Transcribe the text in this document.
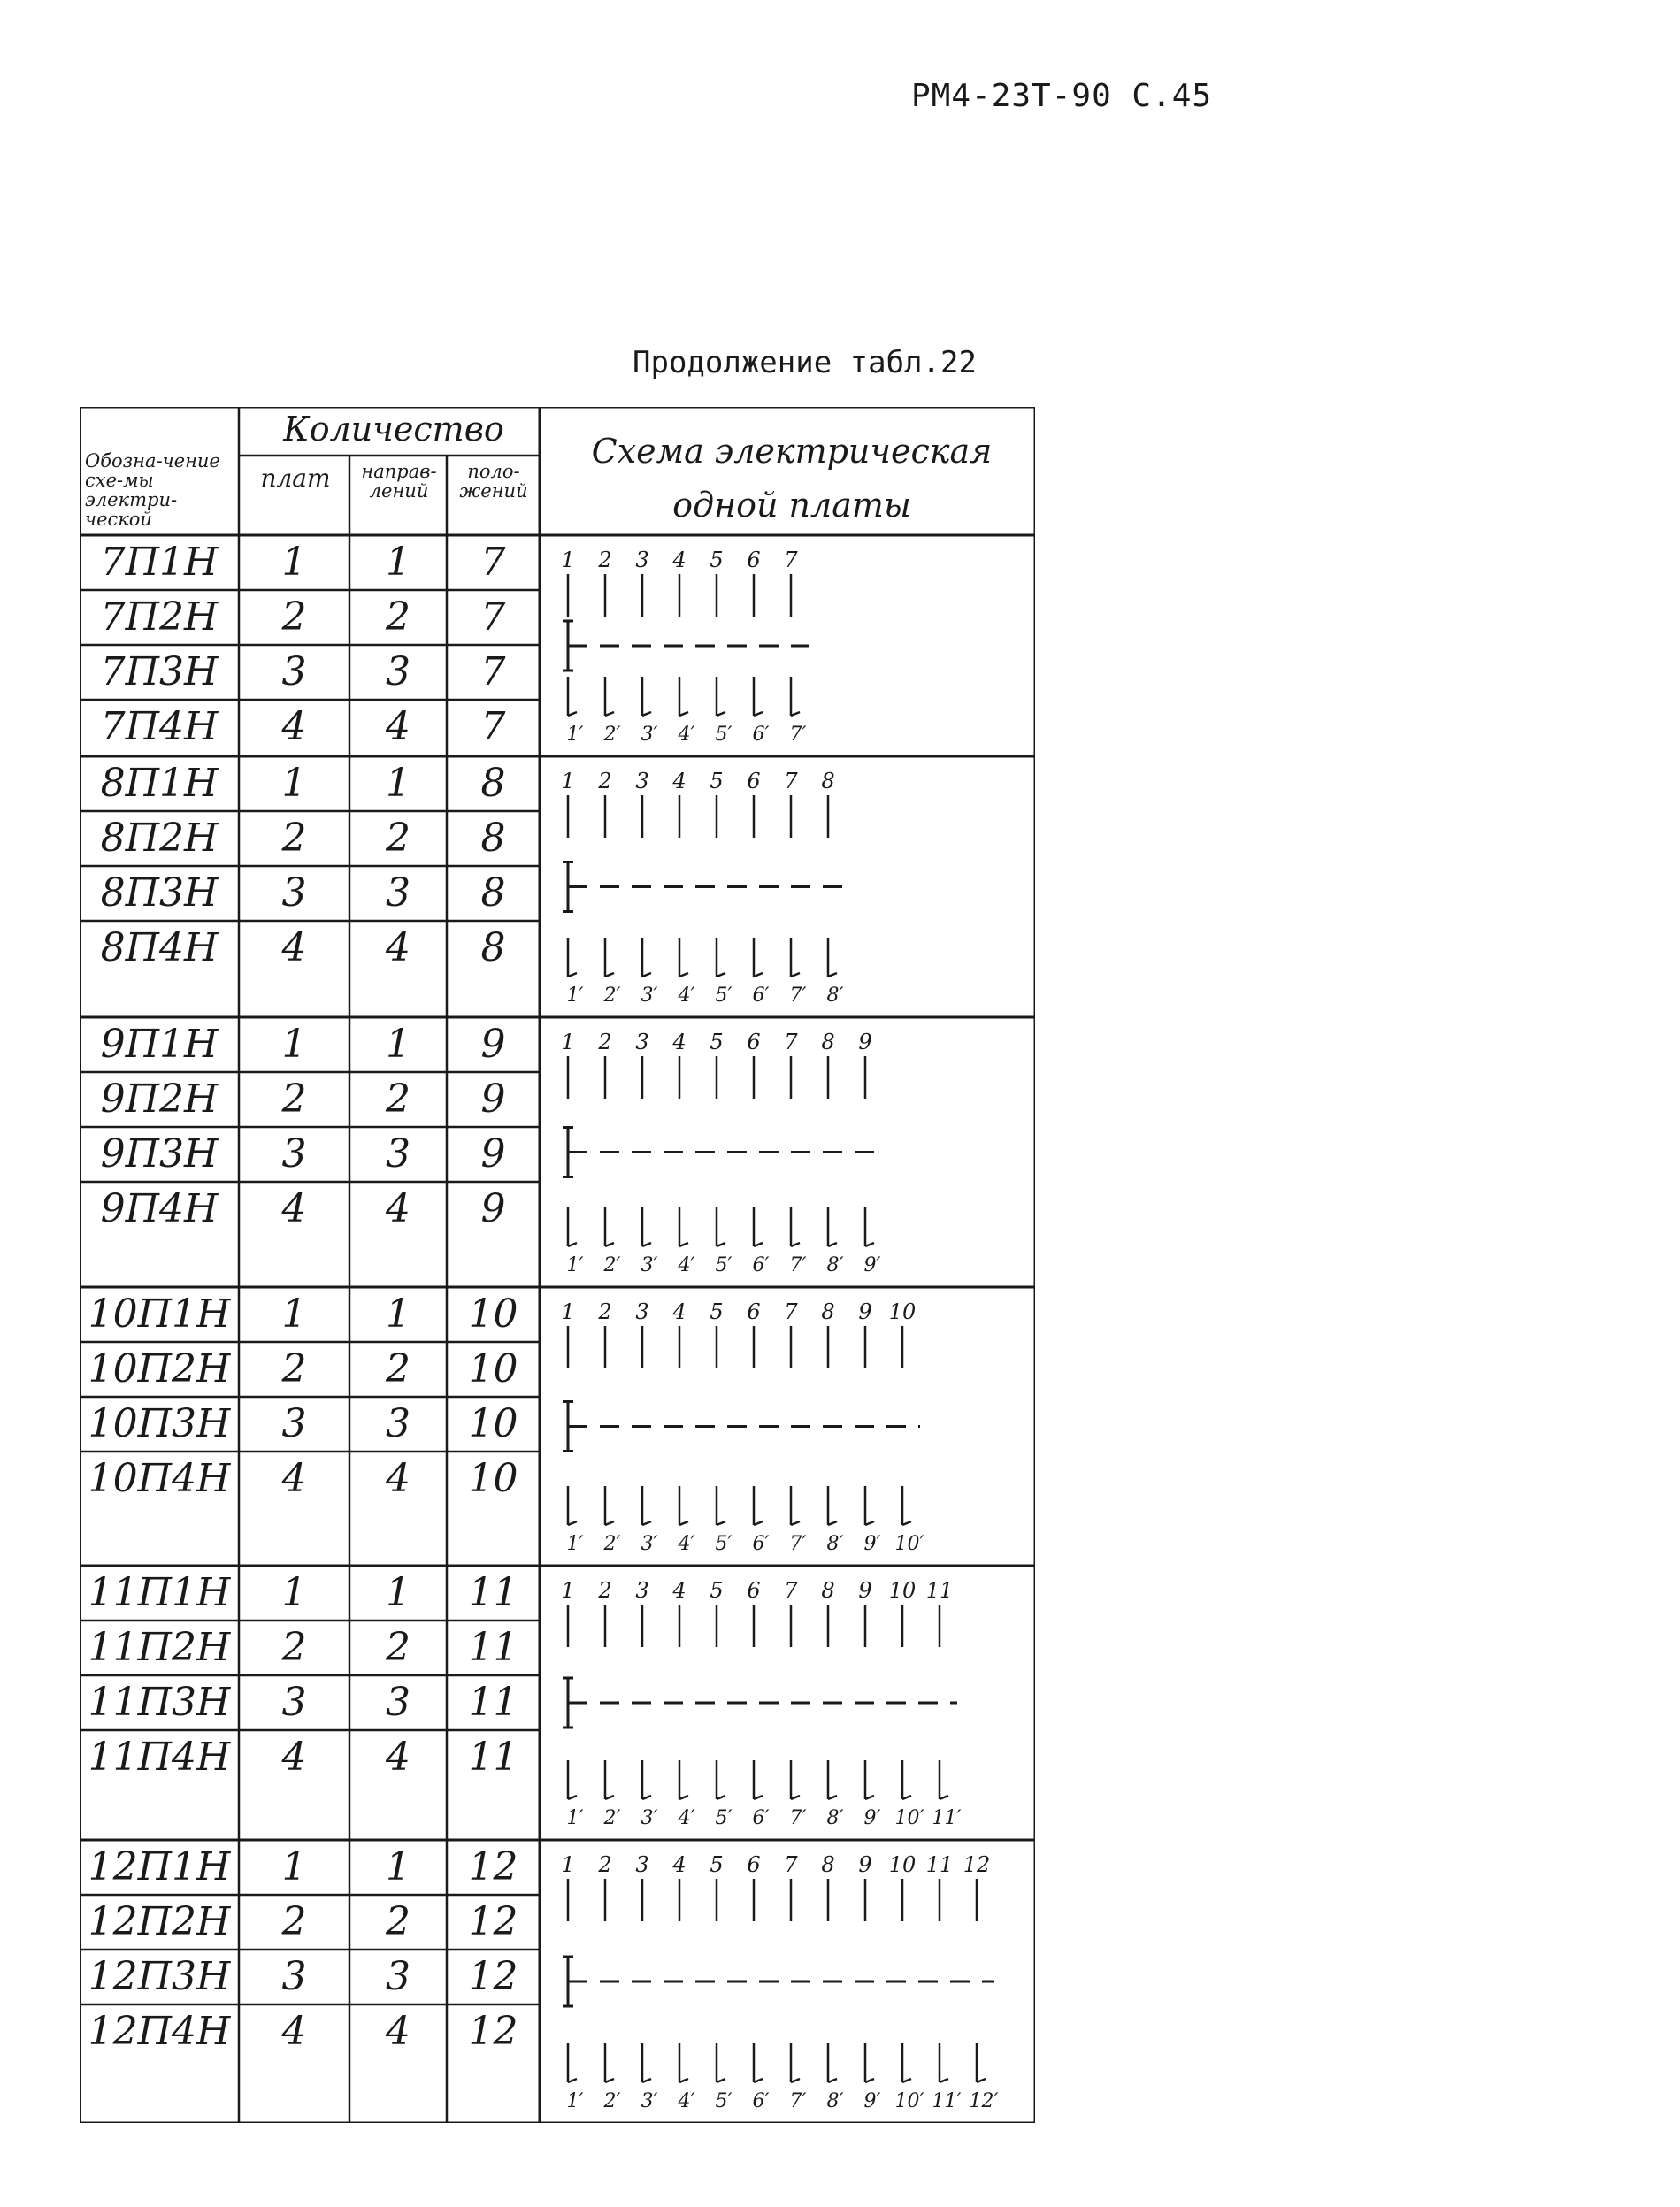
РМ4-23Т-90 С.45
Продолжение табл.22
1 2 3 4 5 6 7
1′ 2′ 3′ 4′ 5′ 6′ 7′
1 2 3 4 5 6 7 8
1′ 2′ 3′ 4′ 5′ 6′ 7′ 8′
1 2 3 4 5 6 7 8 9
1′ 2′ 3′ 4′ 5′ 6′ 7′ 8′ 9′
1 2 3 4 5 6 7 8 9 10
1′ 2′ 3′ 4′ 5′ 6′ 7′ 8′ 9′ 10′
1 2 3 4 5 6 7 8 9 10 11
1′ 2′ 3′ 4′ 5′ 6′ 7′ 8′ 9′ 10′ 11′
1 2 3 4 5 6 7 8 9 10 11 12
1′ 2′ 3′ 4′ 5′ 6′ 7′ 8′ 9′ 10′ 11′ 12′
Обозна-чение схе-мы электри-ческой
Количество
плат	направ-лений
поло-жений
Схема электрическая одной платы
7П1Н	1	1	7
7П2Н	2	2	7
7П3Н	3	3	7
7П4Н	4	4	7
8П1Н	1	1	8
8П2Н	2	2	8
8П3Н	3	3	8
8П4Н	4	4	8
9П1Н	1	1	9
9П2Н	2	2	9
9П3Н	3	3	9
9П4Н	4	4	9
10П1Н	1	1	10
10П2Н	2	2	10
10П3Н	3	3	10
10П4Н	4	4	10
11П1Н	1	1	11
11П2Н	2	2	11
11П3Н	3	3	11
11П4Н	4	4	11
12П1Н	1	1	12
12П2Н	2	2	12
12П3Н	3	3	12
12П4Н	4	4	12
